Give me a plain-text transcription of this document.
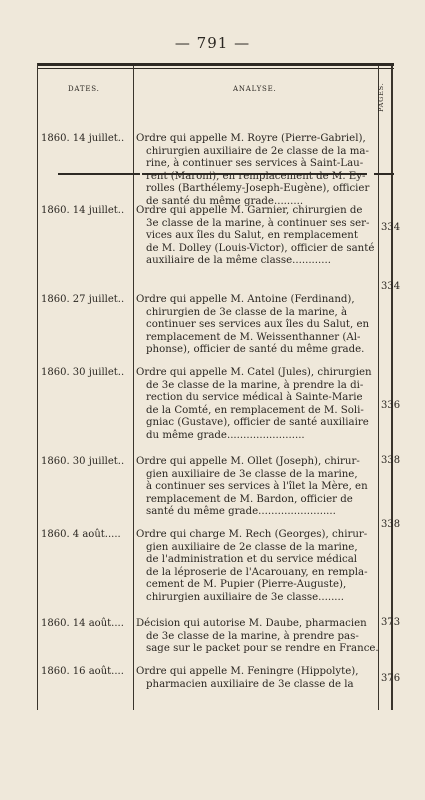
— 791 —
DATES.	ANALYSE.	PAGES.
1860. 14 juillet.. Ordre qui appelle M. Royre (Pierre-Gabriel),
chirurgien auxiliaire de 2e classe de la ma-
rine, à continuer ses services à Saint-Lau-
rent (Maroni), en remplacement de M. Ey-
rolles (Barthélemy-Joseph-Eugène), officier
de santé du même grade.........
334
1860. 14 juillet.. Ordre qui appelle M. Garnier, chirurgien de
3e classe de la marine, à continuer ses ser-
vices aux îles du Salut, en remplacement
de M. Dolley (Louis-Victor), officier de santé
auxiliaire de la même classe............
334
1860. 27 juillet.. Ordre qui appelle M. Antoine (Ferdinand),
chirurgien de 3e classe de la marine, à
continuer ses services aux îles du Salut, en
remplacement de M. Weissenthanner (Al-
phonse), officier de santé du même grade.
336
1860. 30 juillet.. Ordre qui appelle M. Catel (Jules), chirurgien
de 3e classe de la marine, à prendre la di-
rection du service médical à Sainte-Marie
de la Comté, en remplacement de M. Soli-
gniac (Gustave), officier de santé auxiliaire
du même grade........................
338
1860. 30 juillet.. Ordre qui appelle M. Ollet (Joseph), chirur-
gien auxiliaire de 3e classe de la marine,
à continuer ses services à l'îlet la Mère, en
remplacement de M. Bardon, officier de
santé du même grade........................
338
1860. 4 août..... Ordre qui charge M. Rech (Georges), chirur-
gien auxiliaire de 2e classe de la marine,
de l'administration et du service médical
de la léproserie de l'Acarouany, en rempla-
cement de M. Pupier (Pierre-Auguste),
chirurgien auxiliaire de 3e classe........
373
1860. 14 août.... Décision qui autorise M. Daube, pharmacien
de 3e classe de la marine, à prendre pas-
sage sur le packet pour se rendre en France.
376
1860. 16 août.... Ordre qui appelle M. Feningre (Hippolyte),
pharmacien auxiliaire de 3e classe de la
